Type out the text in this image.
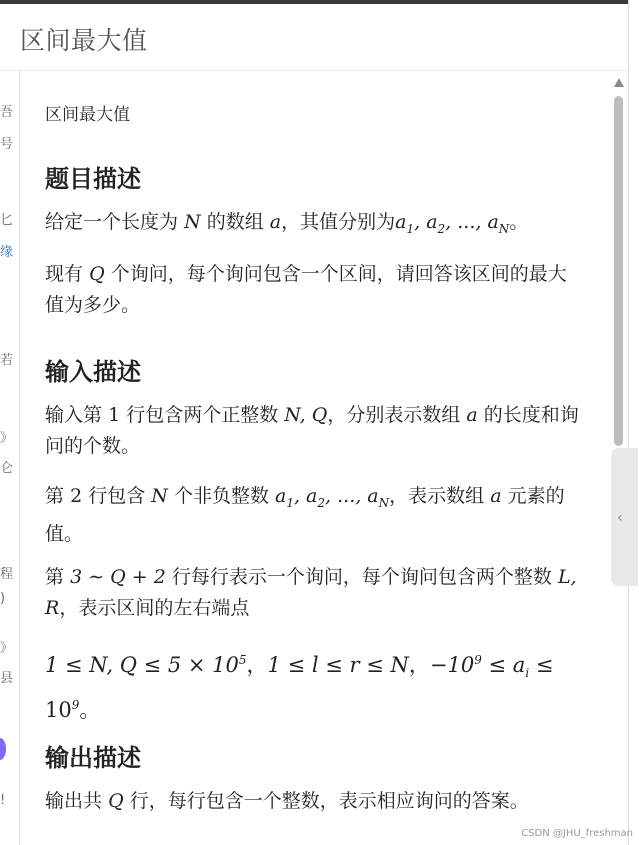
区间最大值
吾
号
匕
缘
若
》
仑
程
)
》
县
!
区间最大值
题目描述
给定一个长度为 N 的数组 a，其值分别为$a_1$, $a_2$, ..., $a_N$。
现有 Q 个询问，每个询问包含一个区间，请回答该区间的最大值为多少。
输入描述
输入第 1 行包含两个正整数 N, Q，分别表示数组 a 的长度和询问的个数。
第 2 行包含 N 个非负整数 $a_1$, $a_2$, ..., $a_N$，表示数组 a 元素的值。
第 3 ∼ Q + 2 行每行表示一个询问，每个询问包含两个整数 L, R，表示区间的左右端点
1 ≤ N, $Q \le 5 \times 10^5$，1 ≤ l ≤ r ≤ N，$-10^9 \le a_i$ ≤
$10^9$。
输出描述
输出共 Q 行，每行包含一个整数，表示相应询问的答案。
‹
CSDN @JHU_freshman
